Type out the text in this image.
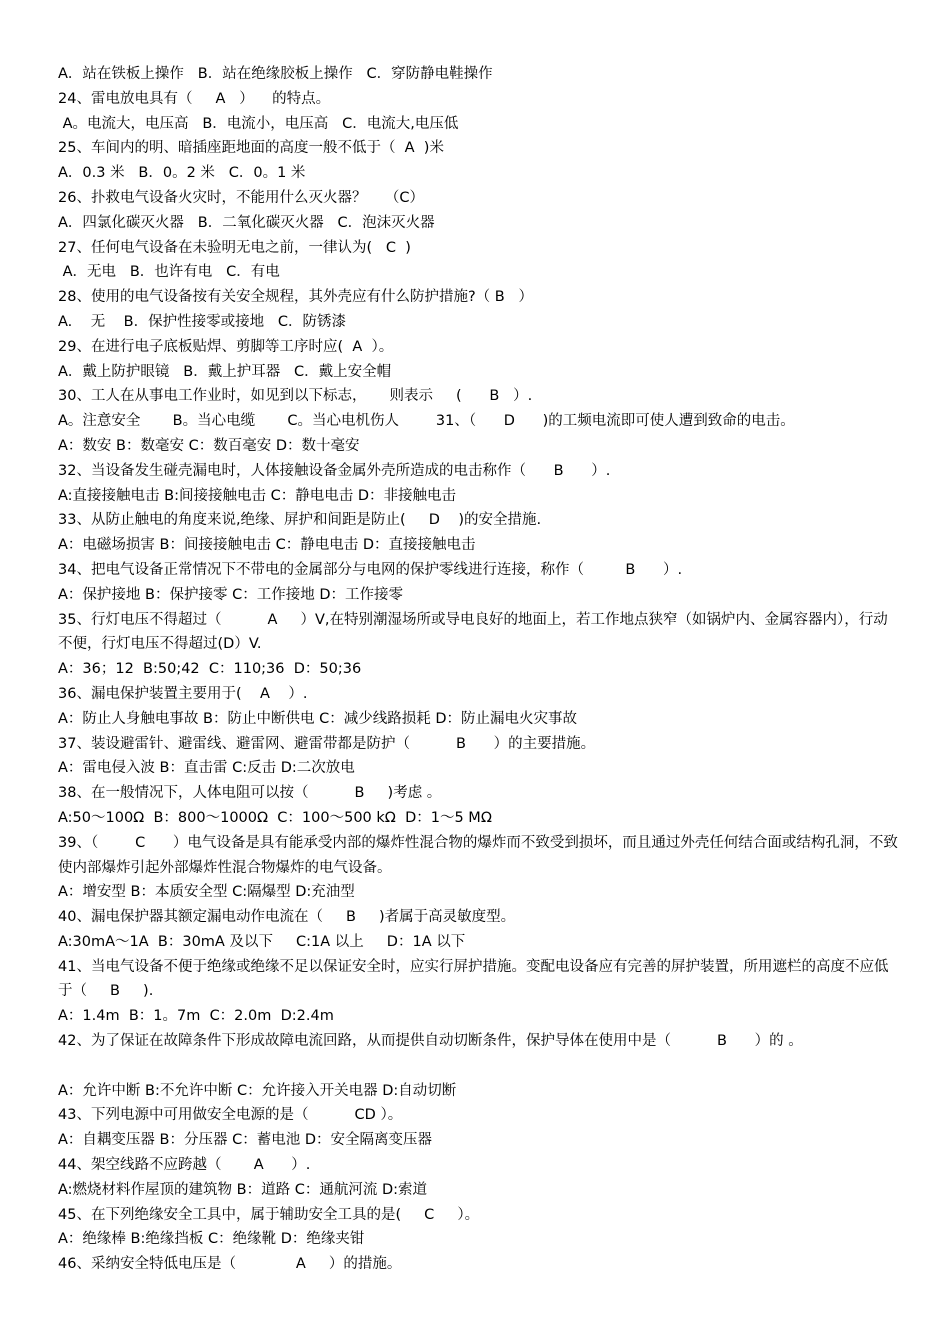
A．站在铁板上操作   B．站在绝缘胶板上操作   C．穿防静电鞋操作

24、雷电放电具有（     A   ）    的特点。

A。电流大，电压高   B．电流小，电压高   C．电流大,电压低

25、车间内的明、暗插座距地面的高度一般不低于（  A  )米

A．0.3 米   B．0。2 米   C．0。1 米

26、扑救电气设备火灾时，不能用什么灭火器？    （C）

A．四氯化碳灭火器   B．二氧化碳灭火器   C．泡沫灭火器

27、任何电气设备在未验明无电之前，一律认为(   C  )

A．无电   B．也许有电   C．有电

28、使用的电气设备按有关安全规程，其外壳应有什么防护措施?（ B   ）

A.    无    B．保护性接零或接地   C．防锈漆

29、在进行电子底板贴焊、剪脚等工序时应(  A  ）。

A．戴上防护眼镜   B．戴上护耳器   C．戴上安全帽

30、工人在从事电工作业时，如见到以下标志，     则表示     (      B   ）.

A。注意安全       B。当心电缆       C。当心电机伤人        31、（      D      )的工频电流即可使人遭到致命的电击。

A：数安 B：数毫安 C：数百毫安 D：数十毫安

32、当设备发生碰壳漏电时，人体接触设备金属外壳所造成的电击称作（      B      ）.

A:直接接触电击 B:间接接触电击 C：静电电击 D：非接触电击

33、从防止触电的角度来说,绝缘、屏护和间距是防止(     D    )的安全措施.

A：电磁场损害 B：间接接触电击 C：静电电击 D：直接接触电击

34、把电气设备正常情况下不带电的金属部分与电网的保护零线进行连接，称作（         B      ）.

A：保护接地 B：保护接零 C：工作接地 D：工作接零

35、行灯电压不得超过（          A     ）V,在特别潮湿场所或导电良好的地面上，若工作地点狭窄（如锅炉内、金属容器内），行动不便，行灯电压不得超过(D）V.

A：36；12  B:50;42  C：110;36  D：50;36

36、漏电保护装置主要用于(    A    ）.

A：防止人身触电事故 B：防止中断供电 C：减少线路损耗 D：防止漏电火灾事故

37、装设避雷针、避雷线、避雷网、避雷带都是防护（          B      ）的主要措施。

A：雷电侵入波 B：直击雷 C:反击 D:二次放电

38、在一般情况下，人体电阻可以按（          B     )考虑 。

A:50～100Ω  B：800～1000Ω  C：100～500 kΩ  D：1～5 MΩ

39、（        C      ）电气设备是具有能承受内部的爆炸性混合物的爆炸而不致受到损坏，而且通过外壳任何结合面或结构孔洞，不致使内部爆炸引起外部爆炸性混合物爆炸的电气设备。

A：增安型 B：本质安全型 C:隔爆型 D:充油型

40、漏电保护器其额定漏电动作电流在（     B     )者属于高灵敏度型。

A:30mA～1A  B：30mA 及以下     C:1A 以上     D：1A 以下

41、当电气设备不便于绝缘或绝缘不足以保证安全时，应实行屏护措施。变配电设备应有完善的屏护装置，所用遮栏的高度不应低于（     B     ).

A：1.4m  B：1。7m  C：2.0m  D:2.4m

42、为了保证在故障条件下形成故障电流回路，从而提供自动切断条件，保护导体在使用中是（          B      ）的 。

A：允许中断 B:不允许中断 C：允许接入开关电器 D:自动切断

43、下列电源中可用做安全电源的是（          CD ）。

A：自耦变压器 B：分压器 C：蓄电池 D：安全隔离变压器

44、架空线路不应跨越（       A      ）.

A:燃烧材料作屋顶的建筑物 B：道路 C：通航河流 D:索道

45、在下列绝缘安全工具中，属于辅助安全工具的是(     C     ）。

A：绝缘棒 B:绝缘挡板 C：绝缘靴 D：绝缘夹钳

46、采纳安全特低电压是（             A     ）的措施。
